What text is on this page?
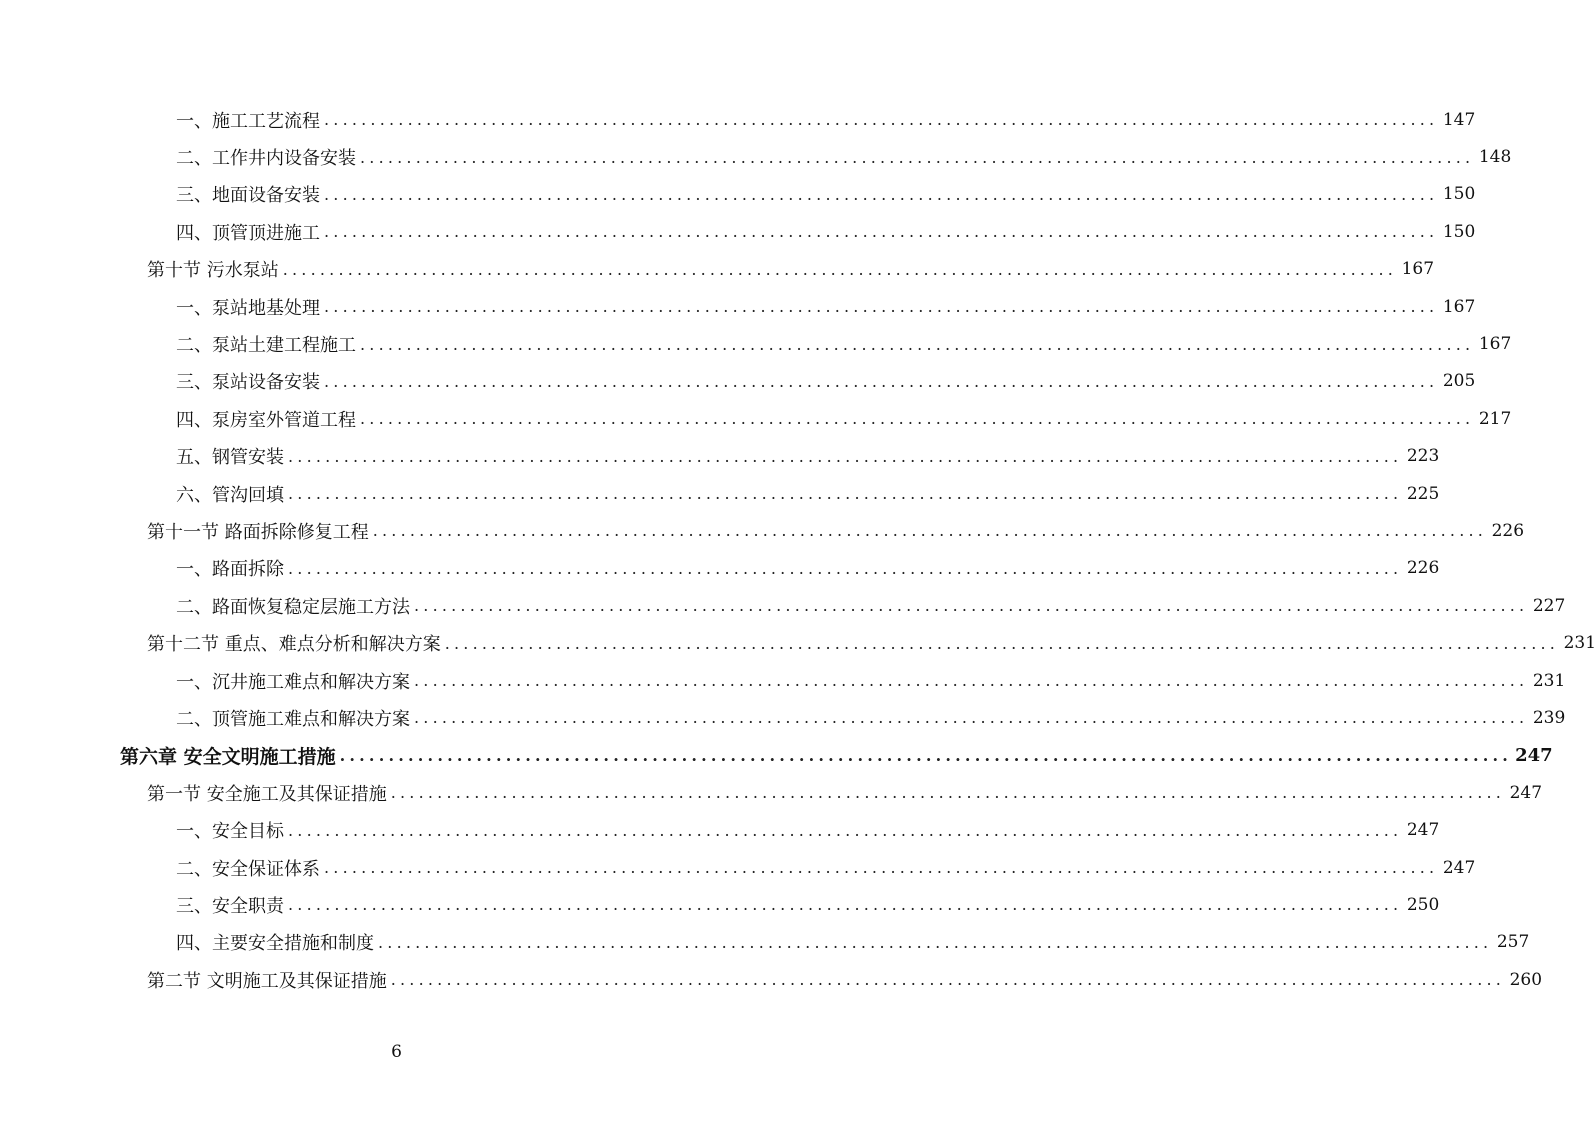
一、施工工艺流程 ........................................................................................................................ 147
二、工作井内设备安装 ........................................................................................................................ 148
三、地面设备安装 ........................................................................................................................ 150
四、顶管顶进施工 ........................................................................................................................ 150
第十节 污水泵站 ........................................................................................................................ 167
一、泵站地基处理 ........................................................................................................................ 167
二、泵站土建工程施工 ........................................................................................................................ 167
三、泵站设备安装 ........................................................................................................................ 205
四、泵房室外管道工程 ........................................................................................................................ 217
五、钢管安装 ........................................................................................................................ 223
六、管沟回填 ........................................................................................................................ 225
第十一节 路面拆除修复工程 ........................................................................................................................ 226
一、路面拆除 ........................................................................................................................ 226
二、路面恢复稳定层施工方法 ........................................................................................................................ 227
第十二节 重点、难点分析和解决方案 ........................................................................................................................ 231
一、沉井施工难点和解决方案 ........................................................................................................................ 231
二、顶管施工难点和解决方案 ........................................................................................................................ 239
第六章 安全文明施工措施 ........................................................................................................................ 247
第一节 安全施工及其保证措施 ........................................................................................................................ 247
一、安全目标 ........................................................................................................................ 247
二、安全保证体系 ........................................................................................................................ 247
三、安全职责 ........................................................................................................................ 250
四、主要安全措施和制度 ........................................................................................................................ 257
第二节 文明施工及其保证措施 ........................................................................................................................ 260
6
